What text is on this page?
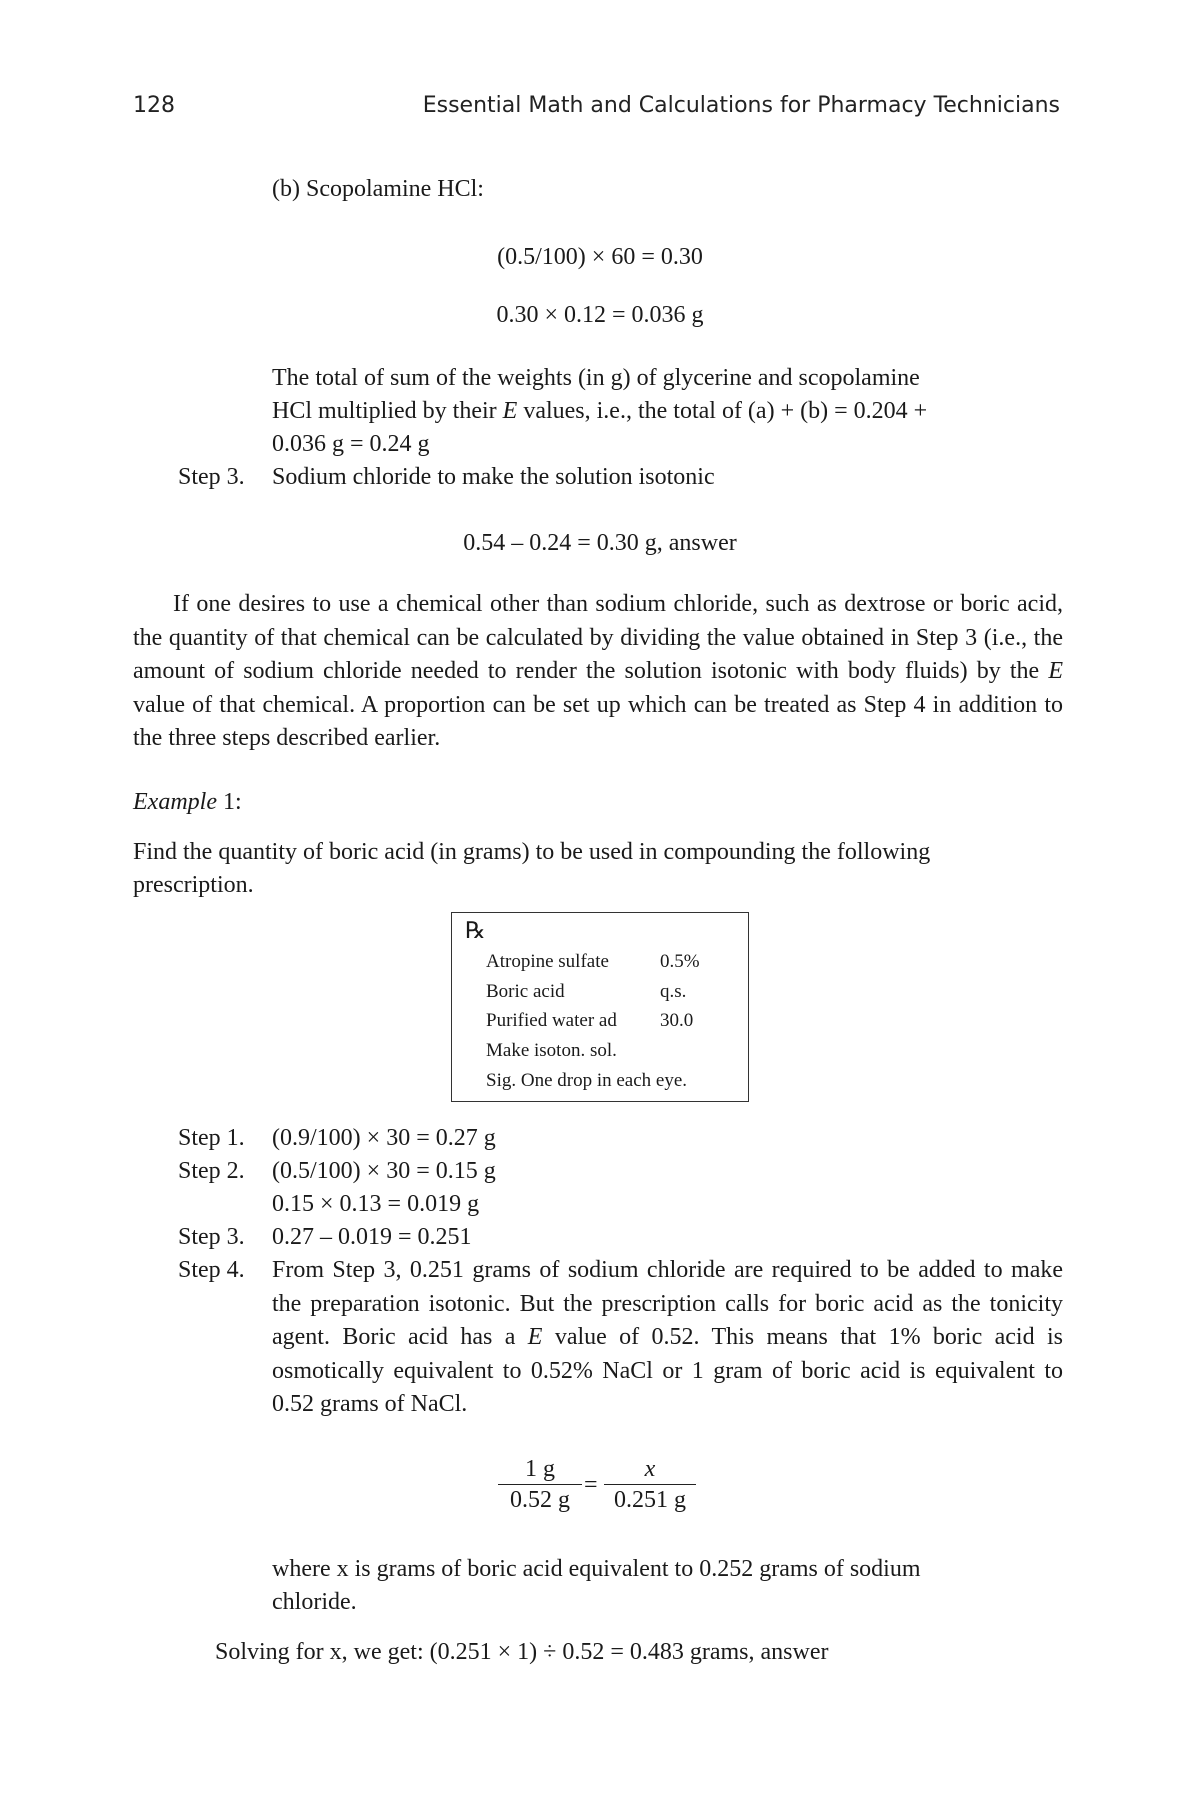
128	Essential Math and Calculations for Pharmacy Technicians
(b) Scopolamine HCl:
(0.5/100) × 60 = 0.30
0.30 × 0.12 = 0.036 g
The total of sum of the weights (in g) of glycerine and scopolamine
HCl multiplied by their E values, i.e., the total of (a) + (b) = 0.204 +
0.036 g = 0.24 g
Step 3. Sodium chloride to make the solution isotonic
0.54 – 0.24 = 0.30 g, answer
If one desires to use a chemical other than sodium chloride, such as dextrose or boric acid, the quantity of that chemical can be calculated by dividing the value obtained in Step 3 (i.e., the amount of sodium chloride needed to render the solution isotonic with body fluids) by the E value of that chemical. A proportion can be set up which can be treated as Step 4 in addition to the three steps described earlier.
Example 1:
Find the quantity of boric acid (in grams) to be used in compounding the following
prescription.
℞
Atropine sulfate	0.5%
Boric acid	q.s.
Purified water ad 30.0
Make isoton. sol.
Sig. One drop in each eye.
Step 1. (0.9/100) × 30 = 0.27 g
Step 2. (0.5/100) × 30 = 0.15 g
0.15 × 0.13 = 0.019 g
Step 3. 0.27 – 0.019 = 0.251
Step 4. From Step 3, 0.251 grams of sodium chloride are required to be added to make the preparation isotonic. But the prescription calls for boric acid as the tonicity agent. Boric acid has a E value of 0.52. This means that 1% boric acid is osmotically equivalent to 0.52% NaCl or 1 gram of boric acid is equivalent to 0.52 grams of NaCl.
1 g
0.52 g
=
x
0.251 g
where x is grams of boric acid equivalent to 0.252 grams of sodium
chloride.
Solving for x, we get: (0.251 × 1) ÷ 0.52 = 0.483 grams, answer
